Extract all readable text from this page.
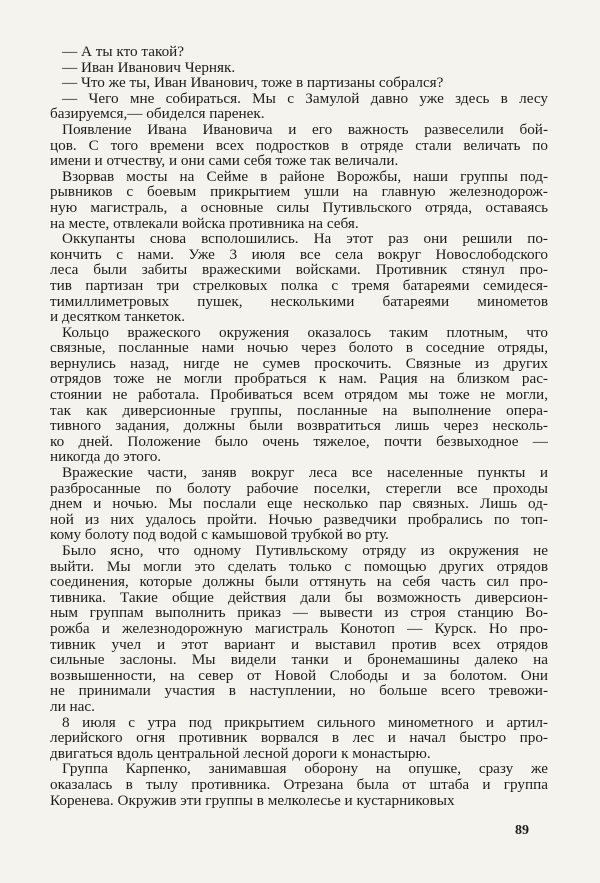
— А ты кто такой?
— Иван Иванович Черняк.
— Что же ты, Иван Иванович, тоже в партизаны собрался?
— Чего мне собираться. Мы с Замулой давно уже здесь в лесу
базируемся,— обиделся паренек.
Появление Ивана Ивановича и его важность развеселили бой-
цов. С того времени всех подростков в отряде стали величать по
имени и отчеству, и они сами себя тоже так величали.
Взорвав мосты на Сейме в районе Ворожбы, наши группы под-
рывников с боевым прикрытием ушли на главную железнодорож-
ную магистраль, а основные силы Путивльского отряда, оставаясь
на месте, отвлекали войска противника на себя.
Оккупанты снова всполошились. На этот раз они решили по-
кончить с нами. Уже 3 июля все села вокруг Новослободского
леса были забиты вражескими войсками. Противник стянул про-
тив партизан три стрелковых полка с тремя батареями семидеся-
тимиллиметровых пушек, несколькими батареями минометов
и десятком танкеток.
Кольцо вражеского окружения оказалось таким плотным, что
связные, посланные нами ночью через болото в соседние отряды,
вернулись назад, нигде не сумев проскочить. Связные из других
отрядов тоже не могли пробраться к нам. Рация на близком рас-
стоянии не работала. Пробиваться всем отрядом мы тоже не могли,
так как диверсионные группы, посланные на выполнение опера-
тивного задания, должны были возвратиться лишь через несколь-
ко дней. Положение было очень тяжелое, почти безвыходное —
никогда до этого.
Вражеские части, заняв вокруг леса все населенные пункты и
разбросанные по болоту рабочие поселки, стерегли все проходы
днем и ночью. Мы послали еще несколько пар связных. Лишь од-
ной из них удалось пройти. Ночью разведчики пробрались по топ-
кому болоту под водой с камышовой трубкой во рту.
Было ясно, что одному Путивльскому отряду из окружения не
выйти. Мы могли это сделать только с помощью других отрядов
соединения, которые должны были оттянуть на себя часть сил про-
тивника. Такие общие действия дали бы возможность диверсион-
ным группам выполнить приказ — вывести из строя станцию Во-
рожба и железнодорожную магистраль Конотоп — Курск. Но про-
тивник учел и этот вариант и выставил против всех отрядов
сильные заслоны. Мы видели танки и бронемашины далеко на
возвышенности, на север от Новой Слободы и за болотом. Они
не принимали участия в наступлении, но больше всего тревожи-
ли нас.
8 июля с утра под прикрытием сильного минометного и артил-
лерийского огня противник ворвался в лес и начал быстро про-
двигаться вдоль центральной лесной дороги к монастырю.
Группа Карпенко, занимавшая оборону на опушке, сразу же
оказалась в тылу противника. Отрезана была от штаба и группа
Коренева. Окружив эти группы в мелколесье и кустарниковых
89
